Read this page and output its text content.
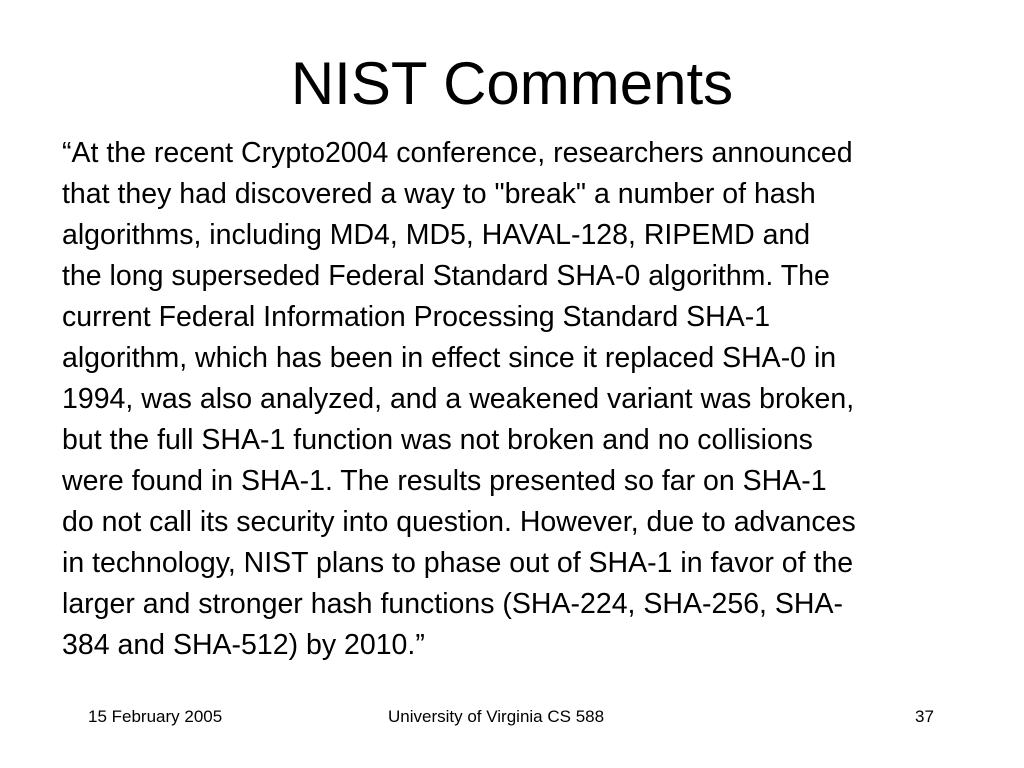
NIST Comments
“At the recent Crypto2004 conference, researchers announced
that they had discovered a way to "break" a number of hash
algorithms, including MD4, MD5, HAVAL-128, RIPEMD and
the long superseded Federal Standard SHA-0 algorithm. The
current Federal Information Processing Standard SHA-1
algorithm, which has been in effect since it replaced SHA-0 in
1994, was also analyzed, and a weakened variant was broken,
but the full SHA-1 function was not broken and no collisions
were found in SHA-1. The results presented so far on SHA-1
do not call its security into question. However, due to advances
in technology, NIST plans to phase out of SHA-1 in favor of the
larger and stronger hash functions (SHA-224, SHA-256, SHA-
384 and SHA-512) by 2010.”
15 February 2005	University of Virginia CS 588	37
